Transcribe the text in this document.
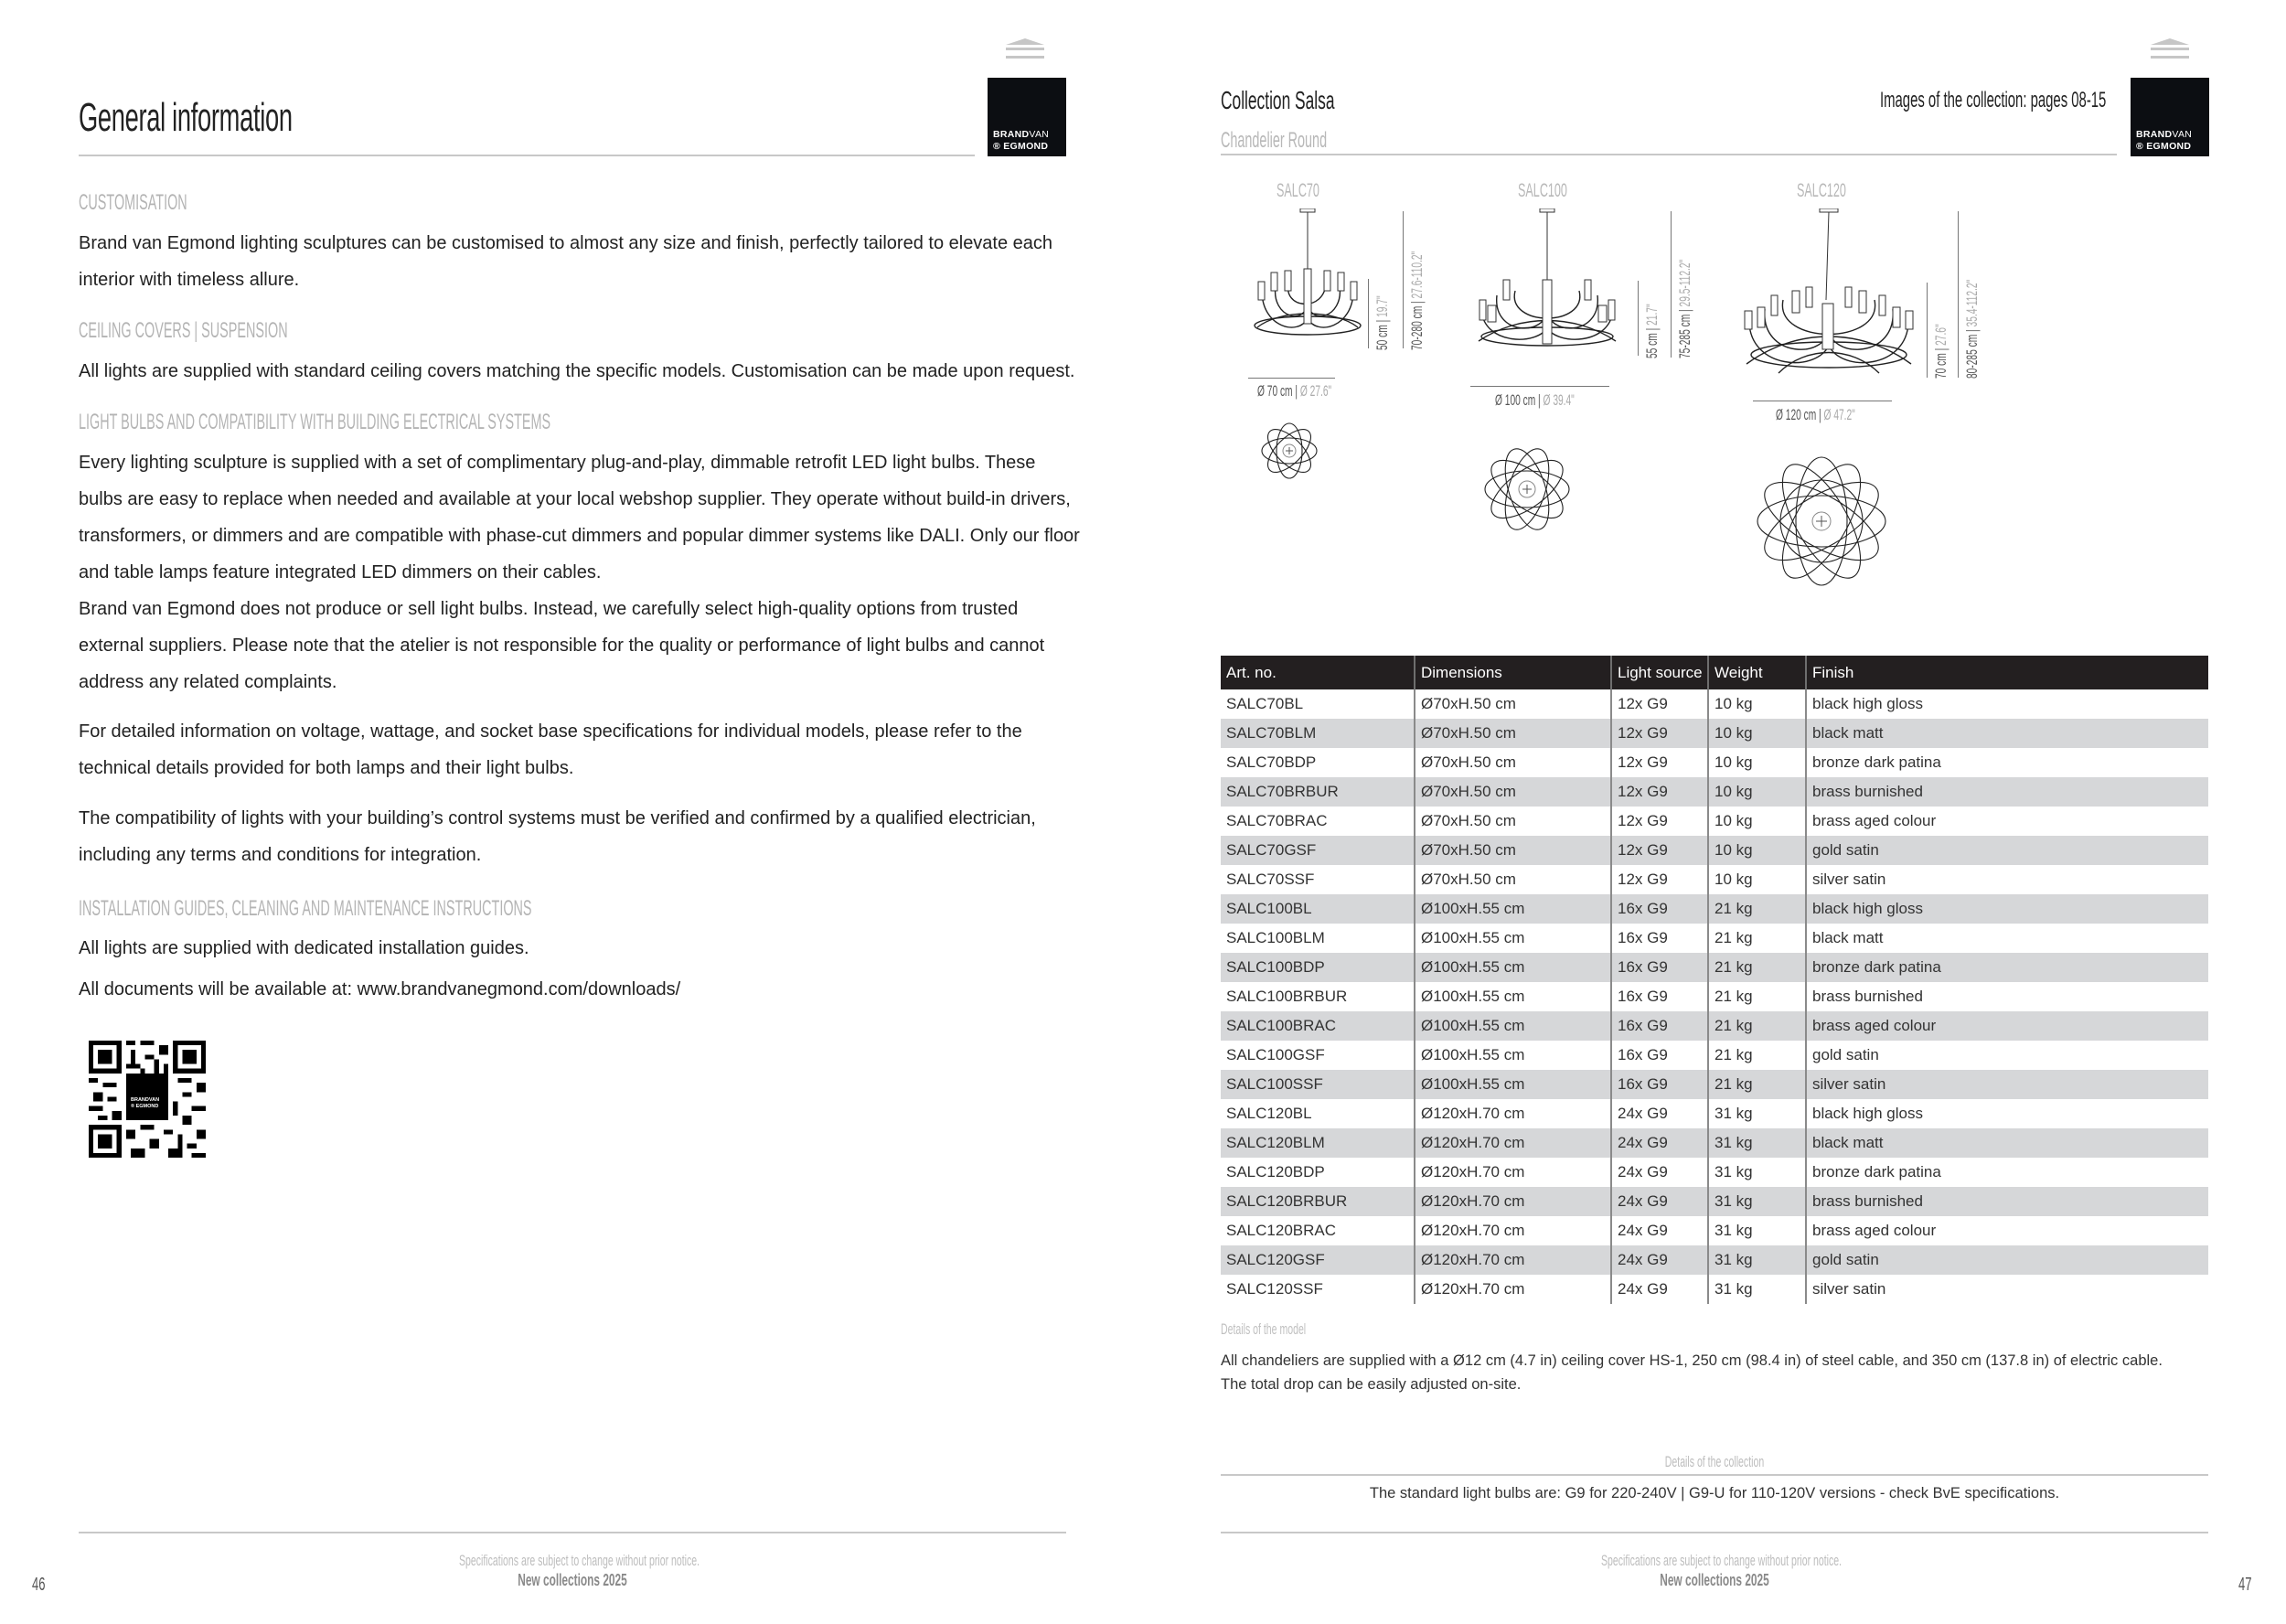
BRANDVAN
® EGMOND
General information
CUSTOMISATION
Brand van Egmond lighting sculptures can be customised to almost any size and finish, perfectly tailored to elevate each
interior with timeless allure.
CEILING COVERS | SUSPENSION
All lights are supplied with standard ceiling covers matching the specific models. Customisation can be made upon request.
LIGHT BULBS AND COMPATIBILITY WITH BUILDING ELECTRICAL SYSTEMS
Every lighting sculpture is supplied with a set of complimentary plug-and-play, dimmable retrofit LED light bulbs. These
bulbs are easy to replace when needed and available at your local webshop supplier. They operate without build-in drivers,
transformers, or dimmers and are compatible with phase-cut dimmers and popular dimmer systems like DALI. Only our floor
and table lamps feature integrated LED dimmers on their cables.
Brand van Egmond does not produce or sell light bulbs. Instead, we carefully select high-quality options from trusted
external suppliers. Please note that the atelier is not responsible for the quality or performance of light bulbs and cannot
address any related complaints.
For detailed information on voltage, wattage, and socket base specifications for individual models, please refer to the
technical details provided for both lamps and their light bulbs.
The compatibility of lights with your building’s control systems must be verified and confirmed by a qualified electrician,
including any terms and conditions for integration.
INSTALLATION GUIDES, CLEANING AND MAINTENANCE INSTRUCTIONS
All lights are supplied with dedicated installation guides.
All documents will be available at: www.brandvanegmond.com/downloads/
BRANDVAN
® EGMOND
Specifications are subject to change without prior notice.
New collections 2025
46
BRANDVAN
® EGMOND
Collection Salsa
Chandelier Round
Images of the collection: pages 08-15
SALC70	SALC100	SALC120
Ø 70 cm | Ø 27.6"
Ø 100 cm | Ø 39.4"
Ø 120 cm | Ø 47.2"
50 cm | 19.7" 70-280 cm | 27.6-110.2"
55 cm | 21.7" 75-285 cm | 29.5-112.2"
70 cm | 27.6" 80-285 cm | 35.4-112.2"
Art. no.	Dimensions	Light source	Weight	Finish
SALC70BL	Ø70xH.50 cm	12x G9	10 kg	black high gloss
SALC70BLM	Ø70xH.50 cm	12x G9	10 kg	black matt
SALC70BDP	Ø70xH.50 cm	12x G9	10 kg	bronze dark patina
SALC70BRBUR	Ø70xH.50 cm	12x G9	10 kg	brass burnished
SALC70BRAC	Ø70xH.50 cm	12x G9	10 kg	brass aged colour
SALC70GSF	Ø70xH.50 cm	12x G9	10 kg	gold satin
SALC70SSF	Ø70xH.50 cm	12x G9	10 kg	silver satin
SALC100BL	Ø100xH.55 cm	16x G9	21 kg	black high gloss
SALC100BLM	Ø100xH.55 cm	16x G9	21 kg	black matt
SALC100BDP	Ø100xH.55 cm	16x G9	21 kg	bronze dark patina
SALC100BRBUR	Ø100xH.55 cm	16x G9	21 kg	brass burnished
SALC100BRAC	Ø100xH.55 cm	16x G9	21 kg	brass aged colour
SALC100GSF	Ø100xH.55 cm	16x G9	21 kg	gold satin
SALC100SSF	Ø100xH.55 cm	16x G9	21 kg	silver satin
SALC120BL	Ø120xH.70 cm	24x G9	31 kg	black high gloss
SALC120BLM	Ø120xH.70 cm	24x G9	31 kg	black matt
SALC120BDP	Ø120xH.70 cm	24x G9	31 kg	bronze dark patina
SALC120BRBUR	Ø120xH.70 cm	24x G9	31 kg	brass burnished
SALC120BRAC	Ø120xH.70 cm	24x G9	31 kg	brass aged colour
SALC120GSF	Ø120xH.70 cm	24x G9	31 kg	gold satin
SALC120SSF	Ø120xH.70 cm	24x G9	31 kg	silver satin
Details of the model
All chandeliers are supplied with a Ø12 cm (4.7 in) ceiling cover HS-1, 250 cm (98.4 in) of steel cable, and 350 cm (137.8 in) of electric cable.
The total drop can be easily adjusted on-site.
Details of the collection
The standard light bulbs are: G9 for 220-240V | G9-U for 110-120V versions - check BvE specifications.
Specifications are subject to change without prior notice.
New collections 2025	47
